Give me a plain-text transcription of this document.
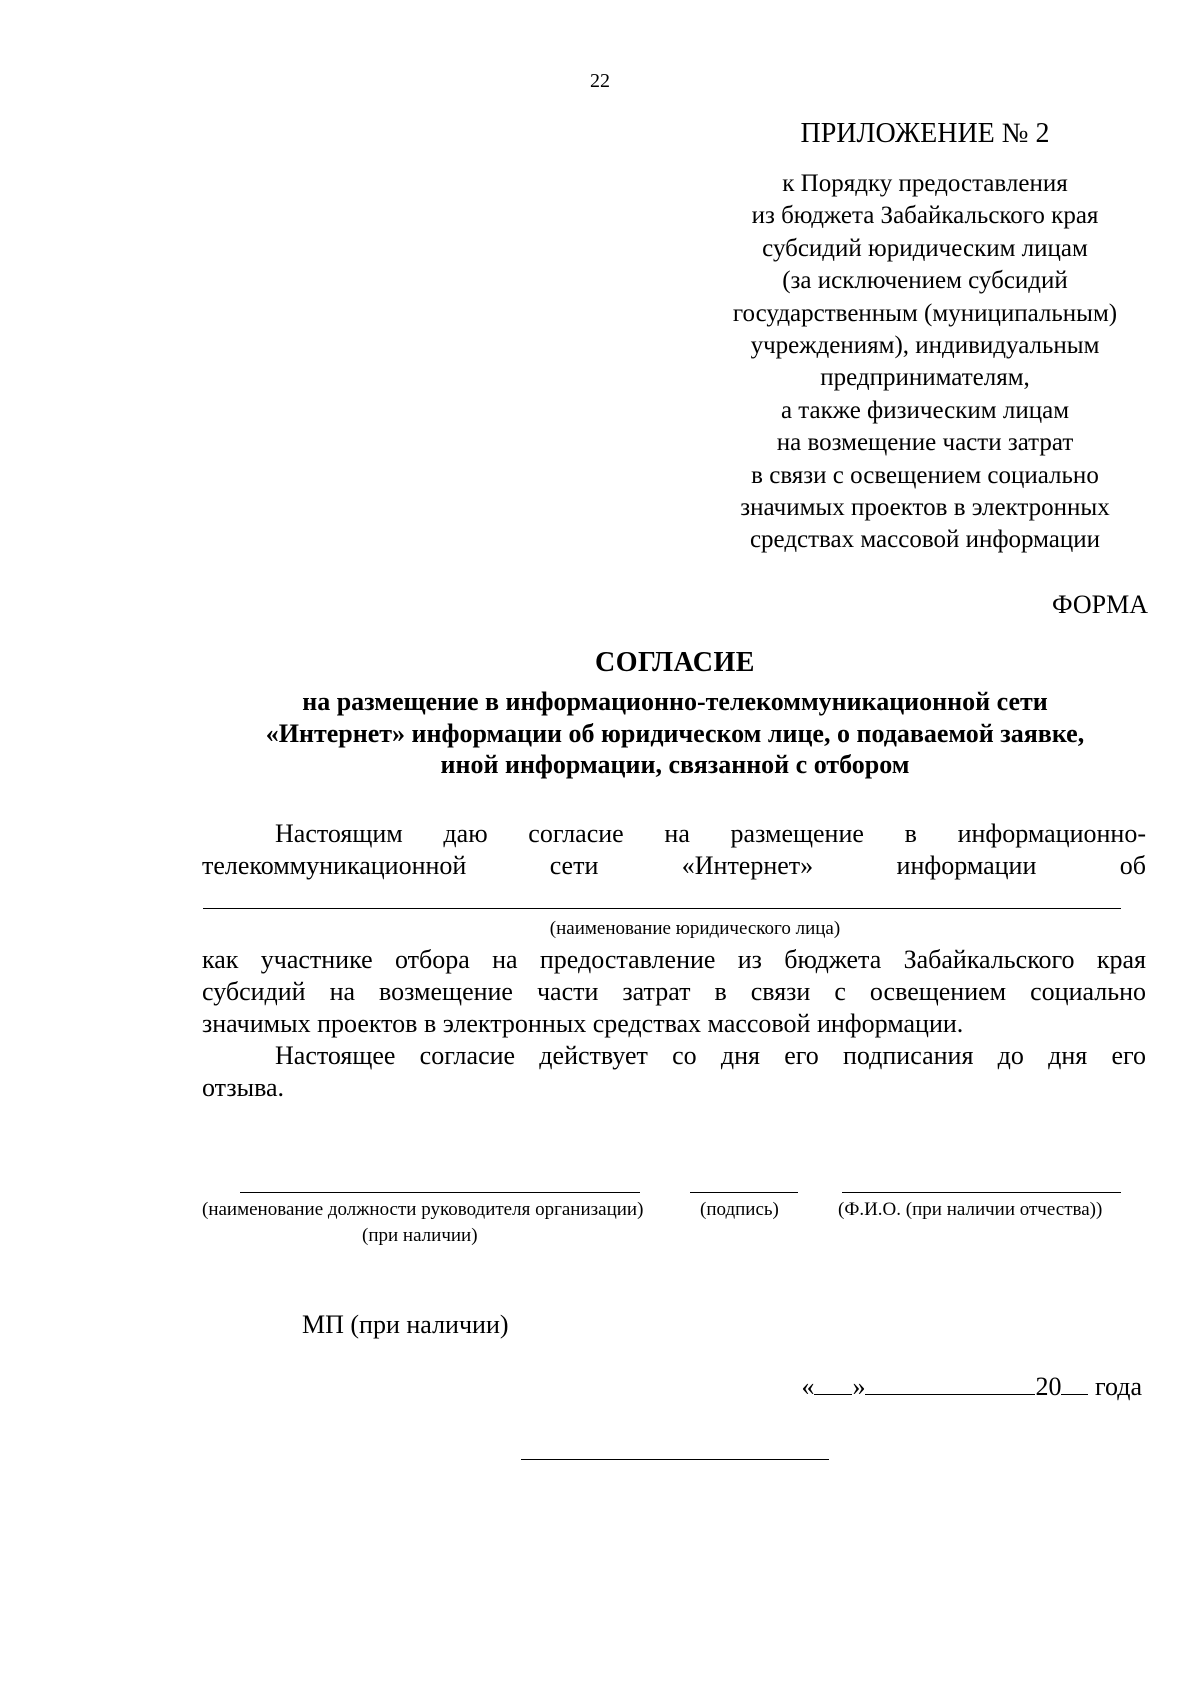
22
ПРИЛОЖЕНИЕ № 2
к Порядку предоставления
из бюджета Забайкальского края
субсидий юридическим лицам
(за исключением субсидий
государственным (муниципальным)
учреждениям), индивидуальным
предпринимателям,
а также физическим лицам
на возмещение части затрат
в связи с освещением социально
значимых проектов в электронных
средствах массовой информации
ФОРМА
СОГЛАСИЕ
на размещение в информационно-телекоммуникационной сети
«Интернет» информации об юридическом лице, о подаваемой заявке,
иной информации, связанной с отбором
Настоящим даю согласие на размещение в информационно-
телекоммуникационной сети «Интернет» информации об
(наименование юридического лица)
как участнике отбора на предоставление из бюджета Забайкальского края
субсидий на возмещение части затрат в связи с освещением социально
значимых проектов в электронных средствах массовой информации.
Настоящее согласие действует со дня его подписания до дня его
отзыва.
(наименование должности руководителя организации)
(при наличии)
(подпись)	(Ф.И.О. (при наличии отчества))
МП (при наличии)
« »	20 года
